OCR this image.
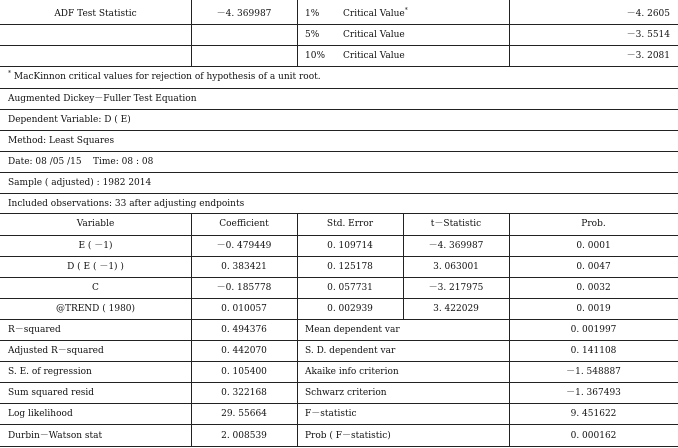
ADF Test Statistic	－4. 369987	1%	Critical Value*	－4. 2605
5%	Critical Value	－3. 5514
10% Critical Value	－3. 2081
* MacKinnon critical values for rejection of hypothesis of a unit root.
Augmented Dickey－Fuller Test Equation
Dependent Variable: D ( E)
Method: Least Squares
Date: 08 /05 /15    Time: 08 : 08
Sample ( adjusted) : 1982 2014
Included observations: 33 after adjusting endpoints
Variable	Coefficient	Std. Error	t－Statistic	Prob.
E ( －1)	－0. 479449	0. 109714	－4. 369987	0. 0001
D ( E ( －1) )	0. 383421	0. 125178	3. 063001	0. 0047
C	－0. 185778	0. 057731	－3. 217975	0. 0032
@TREND ( 1980)	0. 010057	0. 002939	3. 422029	0. 0019
R－squared	0. 494376	Mean dependent var	0. 001997
Adjusted R－squared	0. 442070	S. D. dependent var	0. 141108
S. E. of regression	0. 105400	Akaike info criterion	－1. 548887
Sum squared resid	0. 322168	Schwarz criterion	－1. 367493
Log likelihood	29. 55664	F－statistic	9. 451622
Durbin－Watson stat	2. 008539	Prob ( F－statistic)	0. 000162
